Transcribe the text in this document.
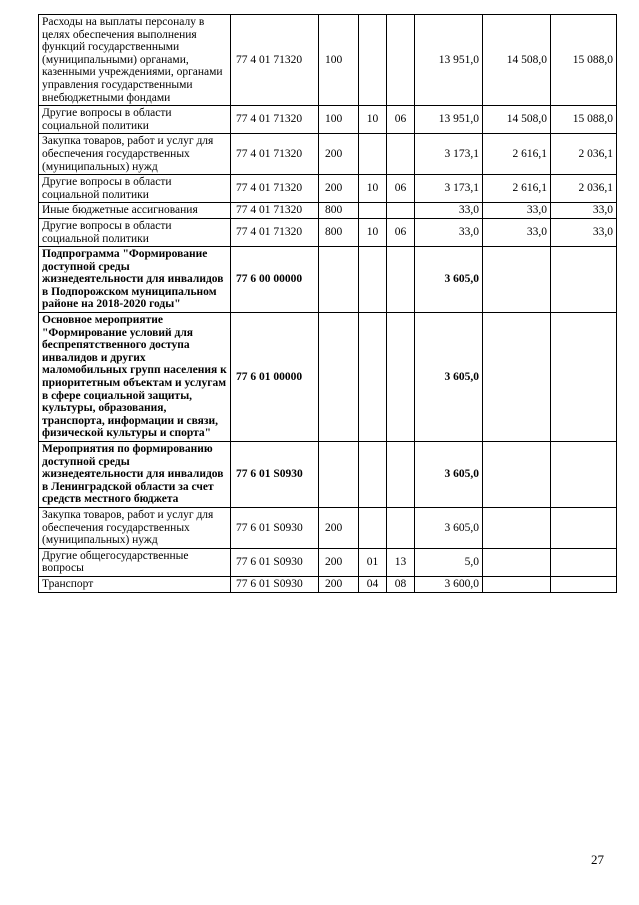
Расходы на выплаты персоналу в целях обеспечения выполнения функций государственными (муниципальными) органами, казенными учреждениями, органами управления государственными внебюджетными фондами	77 4 01 71320	100			13 951,0	14 508,0	15 088,0
Другие вопросы в области социальной политики	77 4 01 71320	100	10	06	13 951,0	14 508,0	15 088,0
Закупка товаров, работ и услуг для обеспечения государственных (муниципальных) нужд	77 4 01 71320	200			3 173,1	2 616,1	2 036,1
Другие вопросы в области социальной политики	77 4 01 71320	200	10	06	3 173,1	2 616,1	2 036,1
Иные бюджетные ассигнования	77 4 01 71320	800			33,0	33,0	33,0
Другие вопросы в области социальной политики	77 4 01 71320	800	10	06	33,0	33,0	33,0
Подпрограмма "Формирование доступной среды жизнедеятельности для инвалидов в Подпорожском муниципальном районе на 2018-2020 годы"	77 6 00 00000				3 605,0		
Основное мероприятие "Формирование условий для беспрепятственного доступа инвалидов и других маломобильных групп населения к приоритетным объектам и услугам в сфере социальной защиты, культуры, образования, транспорта, информации и связи, физической культуры и спорта"	77 6 01 00000				3 605,0		
Мероприятия по формированию доступной среды жизнедеятельности для инвалидов в Ленинградской области за счет средств местного бюджета	77 6 01 S0930				3 605,0		
Закупка товаров, работ и услуг для обеспечения государственных (муниципальных) нужд	77 6 01 S0930	200			3 605,0		
Другие общегосударственные вопросы	77 6 01 S0930	200	01	13	5,0		
Транспорт	77 6 01 S0930	200	04	08	3 600,0		
27
